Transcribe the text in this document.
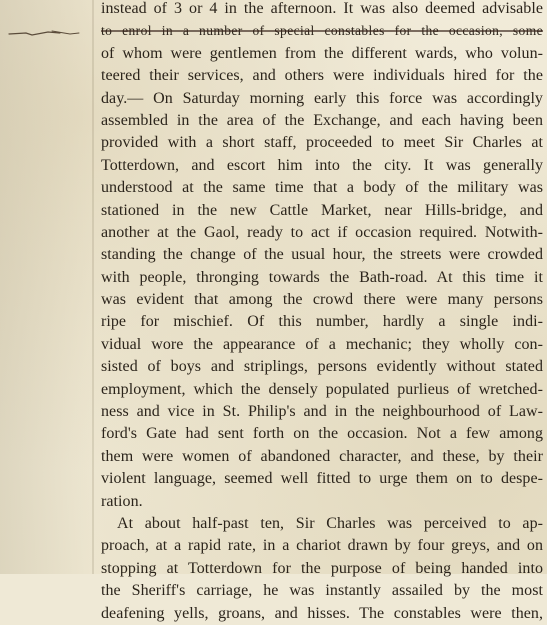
instead of 3 or 4 in the afternoon. It was also deemed advisable
to enrol in a number of special constables for the occasion, some
of whom were gentlemen from the different wards, who volun-
teered their services, and others were individuals hired for the
day.— On Saturday morning early this force was accordingly
assembled in the area of the Exchange, and each having been
provided with a short staff, proceeded to meet Sir Charles at
Totterdown, and escort him into the city. It was generally
understood at the same time that a body of the military was
stationed in the new Cattle Market, near Hills-bridge, and
another at the Gaol, ready to act if occasion required. Notwith-
standing the change of the usual hour, the streets were crowded
with people, thronging towards the Bath-road. At this time it
was evident that among the crowd there were many persons
ripe for mischief. Of this number, hardly a single indi-
vidual wore the appearance of a mechanic; they wholly con-
sisted of boys and striplings, persons evidently without stated
employment, which the densely populated purlieus of wretched-
ness and vice in St. Philip's and in the neighbourhood of Law-
ford's Gate had sent forth on the occasion. Not a few among
them were women of abandoned character, and these, by their
violent language, seemed well fitted to urge them on to despe-
ration.
At about half-past ten, Sir Charles was perceived to ap-
proach, at a rapid rate, in a chariot drawn by four greys, and on
stopping at Totterdown for the purpose of being handed into
the Sheriff's carriage, he was instantly assailed by the most
deafening yells, groans, and hisses. The constables were then,
